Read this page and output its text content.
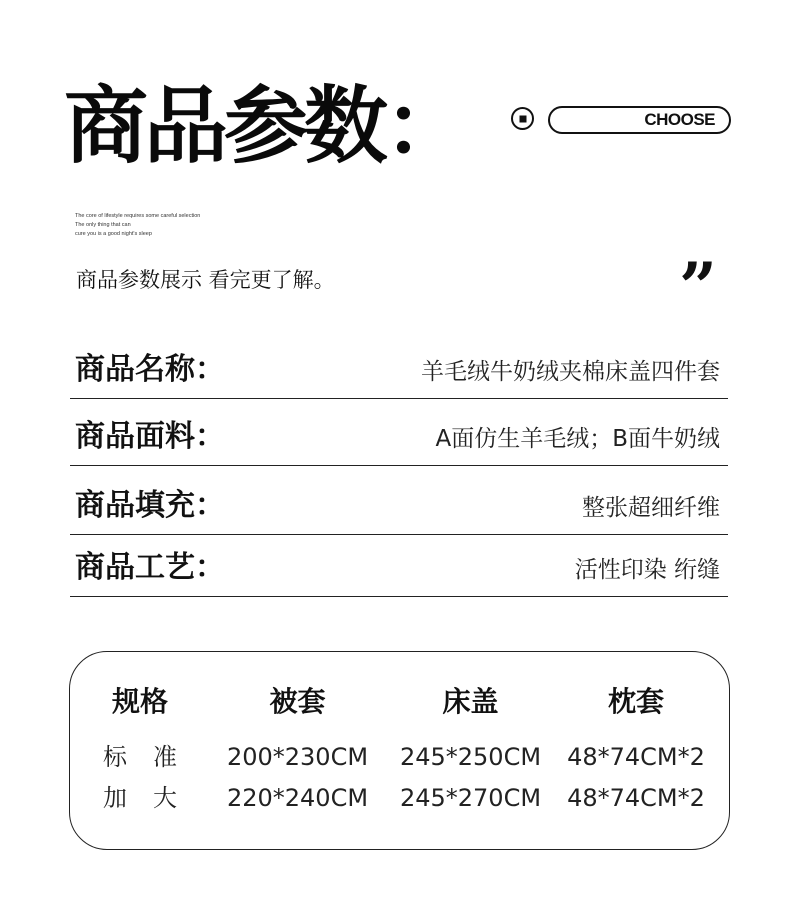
商品参数：	CHOOSE
The core of lifestyle requires some careful selection
The only thing that can
cure you is a good night's sleep
商品参数展示 看完更了解。	”
商品名称：	羊毛绒牛奶绒夹棉床盖四件套
商品面料：	A面仿生羊毛绒；B面牛奶绒
商品填充：	整张超细纤维
商品工艺：	活性印染 绗缝
规格	被套	床盖	枕套
标准 200*230CM	245*250CM	48*74CM*2
加大 220*240CM	245*270CM	48*74CM*2
